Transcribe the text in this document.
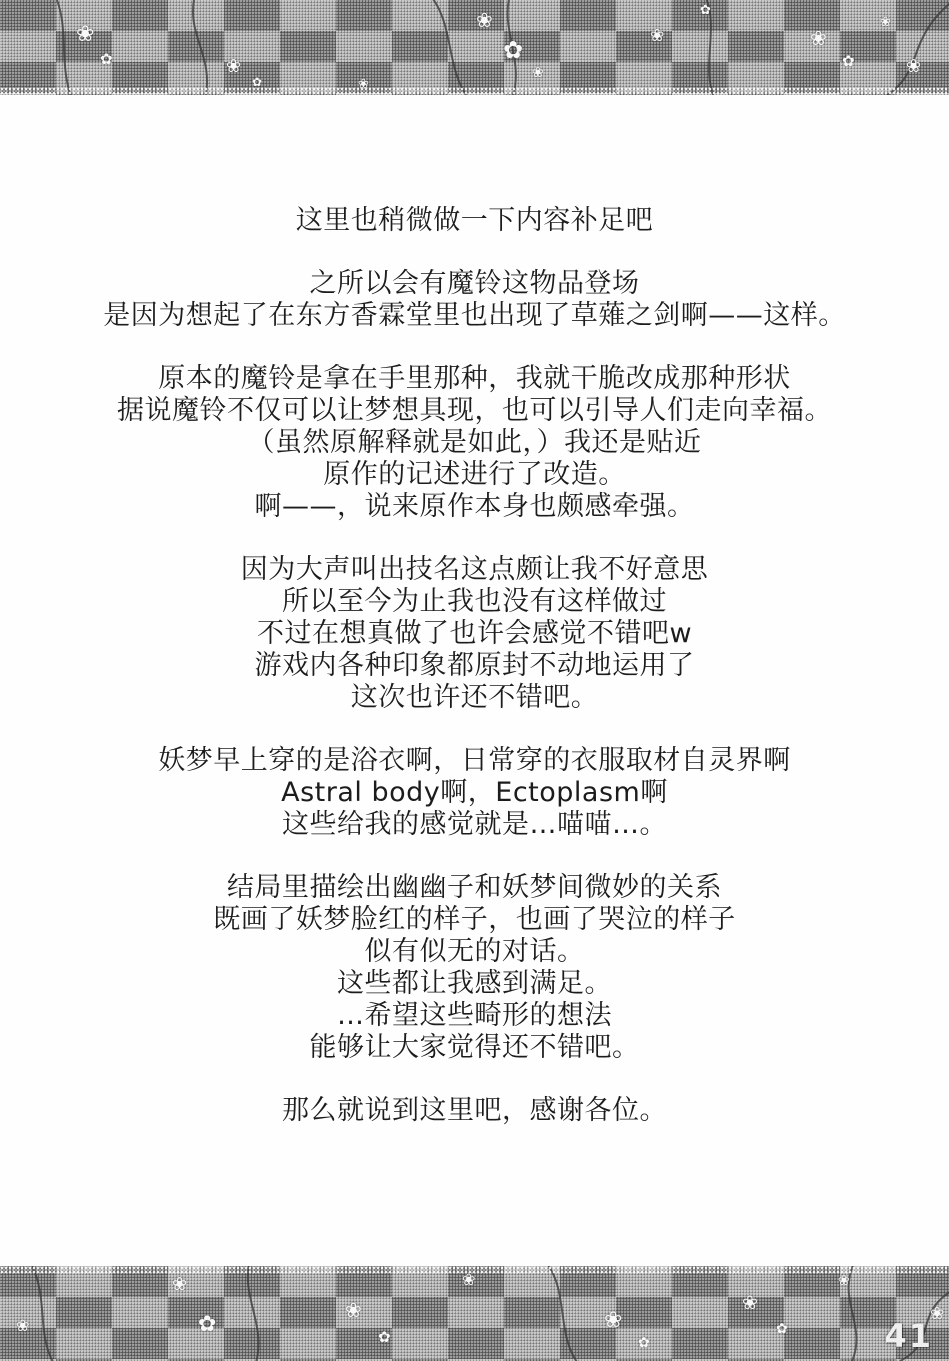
❀
✿
❀
✿
❀
❀
✿
❀
❀
✿
❀
✿
❀
❀
这里也稍微做一下内容补足吧
之所以会有魔铃这物品登场
是因为想起了在东方香霖堂里也出现了草薙之剑啊——这样。
原本的魔铃是拿在手里那种，我就干脆改成那种形状
据说魔铃不仅可以让梦想具现，也可以引导人们走向幸福。
（虽然原解释就是如此，）我还是贴近
原作的记述进行了改造。
啊——，说来原作本身也颇感牵强。
因为大声叫出技名这点颇让我不好意思
所以至今为止我也没有这样做过
不过在想真做了也许会感觉不错吧w
游戏内各种印象都原封不动地运用了
这次也许还不错吧。
妖梦早上穿的是浴衣啊，日常穿的衣服取材自灵界啊
Astral body啊，Ectoplasm啊
这些给我的感觉就是…喵喵…。
结局里描绘出幽幽子和妖梦间微妙的关系
既画了妖梦脸红的样子，也画了哭泣的样子
似有似无的对话。
这些都让我感到满足。
…希望这些畸形的想法
能够让大家觉得还不错吧。
那么就说到这里吧，感谢各位。
❀
❀
✿
❀
✿
❀
❀
✿
❀
✿
❀
❀
41
